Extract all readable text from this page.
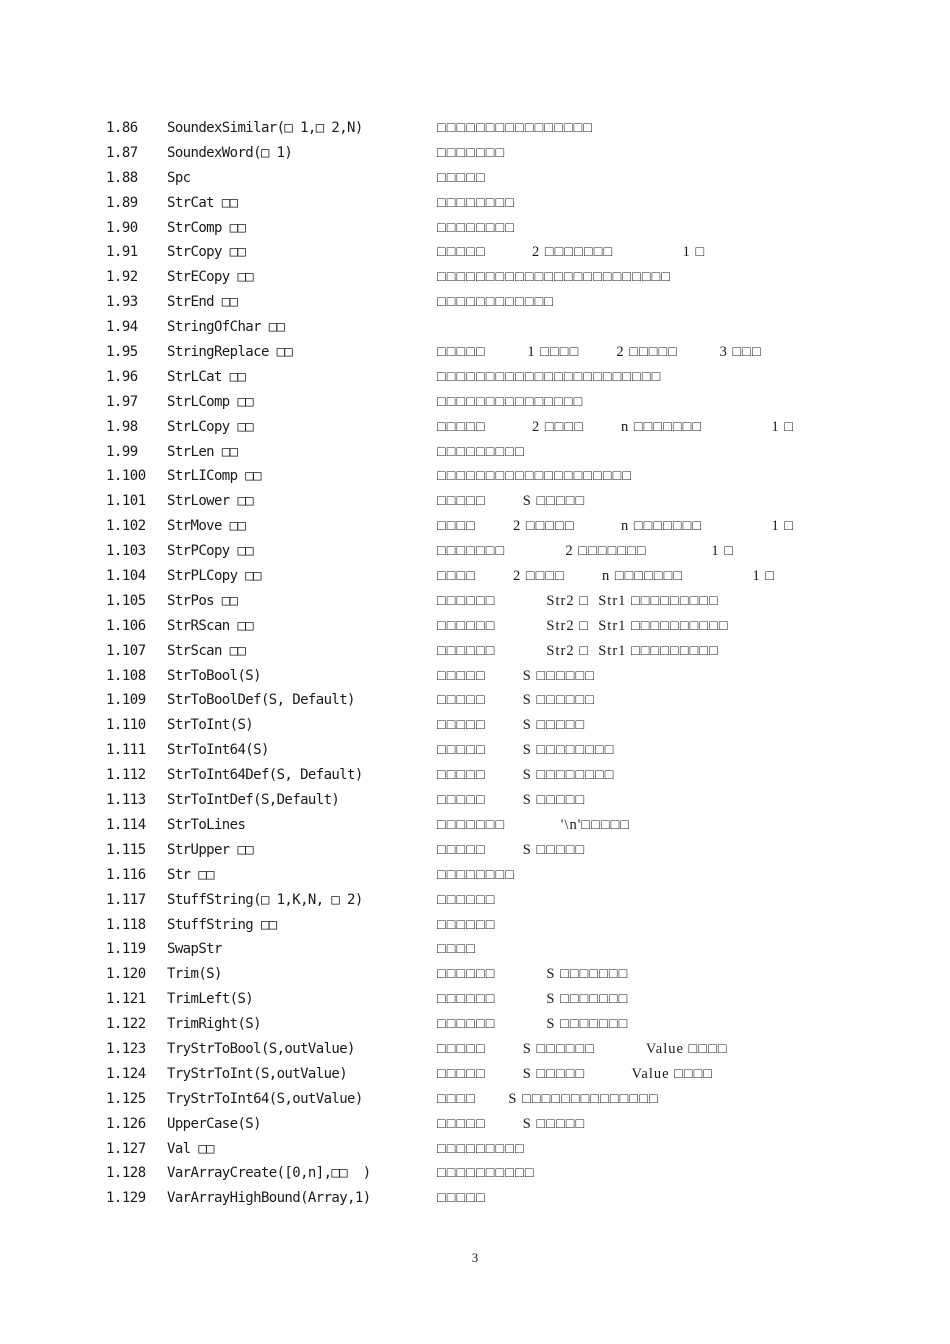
1.86 SoundexSimilar(□ 1,□ 2,N)	□□□□□□□□□□□□□□□□
1.87 SoundexWord(□ 1)	□□□□□□□
1.88 Spc	□□□□□
1.89 StrCat □□	□□□□□□□□
1.90 StrComp □□	□□□□□□□□
1.91 StrCopy □□	□□□□□          2 □□□□□□□               1 □
1.92 StrECopy □□	□□□□□□□□□□□□□□□□□□□□□□□□
1.93 StrEnd □□	□□□□□□□□□□□□
1.94 StringOfChar □□
1.95 StringReplace □□	□□□□□         1 □□□□        2 □□□□□         3 □□□
1.96 StrLCat □□	□□□□□□□□□□□□□□□□□□□□□□□
1.97 StrLComp □□	□□□□□□□□□□□□□□□
1.98 StrLCopy □□	□□□□□          2 □□□□        n □□□□□□□               1 □
1.99 StrLen □□	□□□□□□□□□
1.100 StrLIComp □□	□□□□□□□□□□□□□□□□□□□□
1.101 StrLower □□	□□□□□        S □□□□□
1.102 StrMove □□	□□□□        2 □□□□□          n □□□□□□□               1 □
1.103 StrPCopy □□	□□□□□□□             2 □□□□□□□              1 □
1.104 StrPLCopy □□	□□□□        2 □□□□        n □□□□□□□               1 □
1.105 StrPos □□	□□□□□□           Str2 □  Str1 □□□□□□□□□
1.106 StrRScan □□	□□□□□□           Str2 □  Str1 □□□□□□□□□□
1.107 StrScan □□	□□□□□□           Str2 □  Str1 □□□□□□□□□
1.108 StrToBool(S)	□□□□□        S □□□□□□
1.109 StrToBoolDef(S, Default)	□□□□□        S □□□□□□
1.110 StrToInt(S)	□□□□□        S □□□□□
1.111 StrToInt64(S)	□□□□□        S □□□□□□□□
1.112 StrToInt64Def(S, Default)	□□□□□        S □□□□□□□□
1.113 StrToIntDef(S,Default)	□□□□□        S □□□□□
1.114 StrToLines	□□□□□□□            '\n'□□□□□
1.115 StrUpper □□	□□□□□        S □□□□□
1.116 Str □□	□□□□□□□□
1.117 StuffString(□ 1,K,N, □ 2)	□□□□□□
1.118 StuffString □□	□□□□□□
1.119 SwapStr	□□□□
1.120 Trim(S)	□□□□□□           S □□□□□□□
1.121 TrimLeft(S)	□□□□□□           S □□□□□□□
1.122 TrimRight(S)	□□□□□□           S □□□□□□□
1.123 TryStrToBool(S,outValue)	□□□□□        S □□□□□□           Value □□□□
1.124 TryStrToInt(S,outValue)	□□□□□        S □□□□□          Value □□□□
1.125 TryStrToInt64(S,outValue)	□□□□       S □□□□□□□□□□□□□□
1.126 UpperCase(S)	□□□□□        S □□□□□
1.127 Val □□	□□□□□□□□□
1.128 VarArrayCreate([0,n],□□  )	□□□□□□□□□□
1.129 VarArrayHighBound(Array,1)	□□□□□
3
